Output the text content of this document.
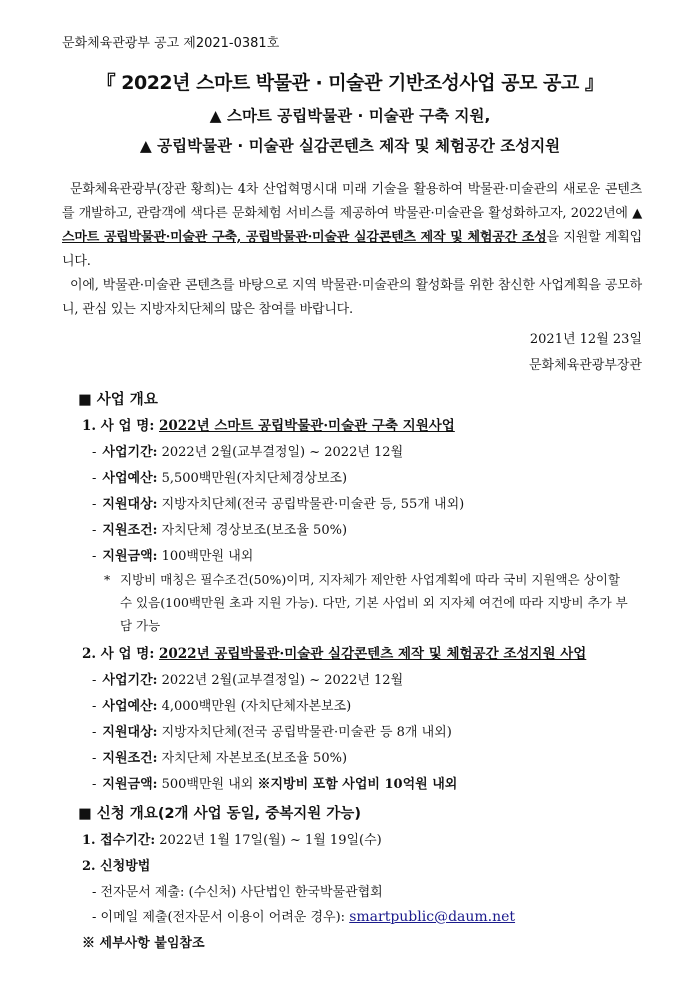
문화체육관광부 공고 제2021-0381호
『 2022년 스마트 박물관 · 미술관 기반조성사업 공모 공고 』
▲ 스마트 공립박물관 · 미술관 구축 지원,
▲ 공립박물관 · 미술관 실감콘텐츠 제작 및 체험공간 조성지원

문화체육관광부(장관 황희)는 4차 산업혁명시대 미래 기술을 활용하여 박물관·미술관의 새로운 콘텐츠를 개발하고, 관람객에 색다른 문화체험 서비스를 제공하여 박물관·미술관을 활성화하고자, 2022년에 ▲ 스마트 공립박물관·미술관 구축, 공립박물관·미술관 실감콘텐츠 제작 및 체험공간 조성을 지원할 계획입니다.

이에, 박물관·미술관 콘텐츠를 바탕으로 지역 박물관·미술관의 활성화를 위한 참신한 사업계획을 공모하니, 관심 있는 지방자치단체의 많은 참여를 바랍니다.

2021년 12월 23일
문화체육관광부장관
■ 사업 개요
1. 사 업 명: 2022년 스마트 공립박물관·미술관 구축 지원사업
- 사업기간: 2022년 2월(교부결정일) ~ 2022년 12월
- 사업예산: 5,500백만원(자치단체경상보조)
- 지원대상: 지방자치단체(전국 공립박물관·미술관 등, 55개 내외)
- 지원조건: 자치단체 경상보조(보조율 50%)
- 지원금액: 100백만원 내외
* 지방비 매칭은 필수조건(50%)이며, 지자체가 제안한 사업계획에 따라 국비 지원액은 상이할 수 있음(100백만원 초과 지원 가능). 다만, 기본 사업비 외 지자체 여건에 따라 지방비 추가 부담 가능
2. 사 업 명: 2022년 공립박물관·미술관 실감콘텐츠 제작 및 체험공간 조성지원 사업
- 사업기간: 2022년 2월(교부결정일) ~ 2022년 12월
- 사업예산: 4,000백만원 (자치단체자본보조)
- 지원대상: 지방자치단체(전국 공립박물관·미술관 등 8개 내외)
- 지원조건: 자치단체 자본보조(보조율 50%)
- 지원금액: 500백만원 내외 ※지방비 포함 사업비 10억원 내외
■ 신청 개요(2개 사업 동일, 중복지원 가능)
1. 접수기간: 2022년 1월 17일(월) ~ 1월 19일(수)
2. 신청방법
- 전자문서 제출: (수신처) 사단법인 한국박물관협회
- 이메일 제출(전자문서 이용이 어려운 경우): smartpublic@daum.net
※ 세부사항 붙임참조
